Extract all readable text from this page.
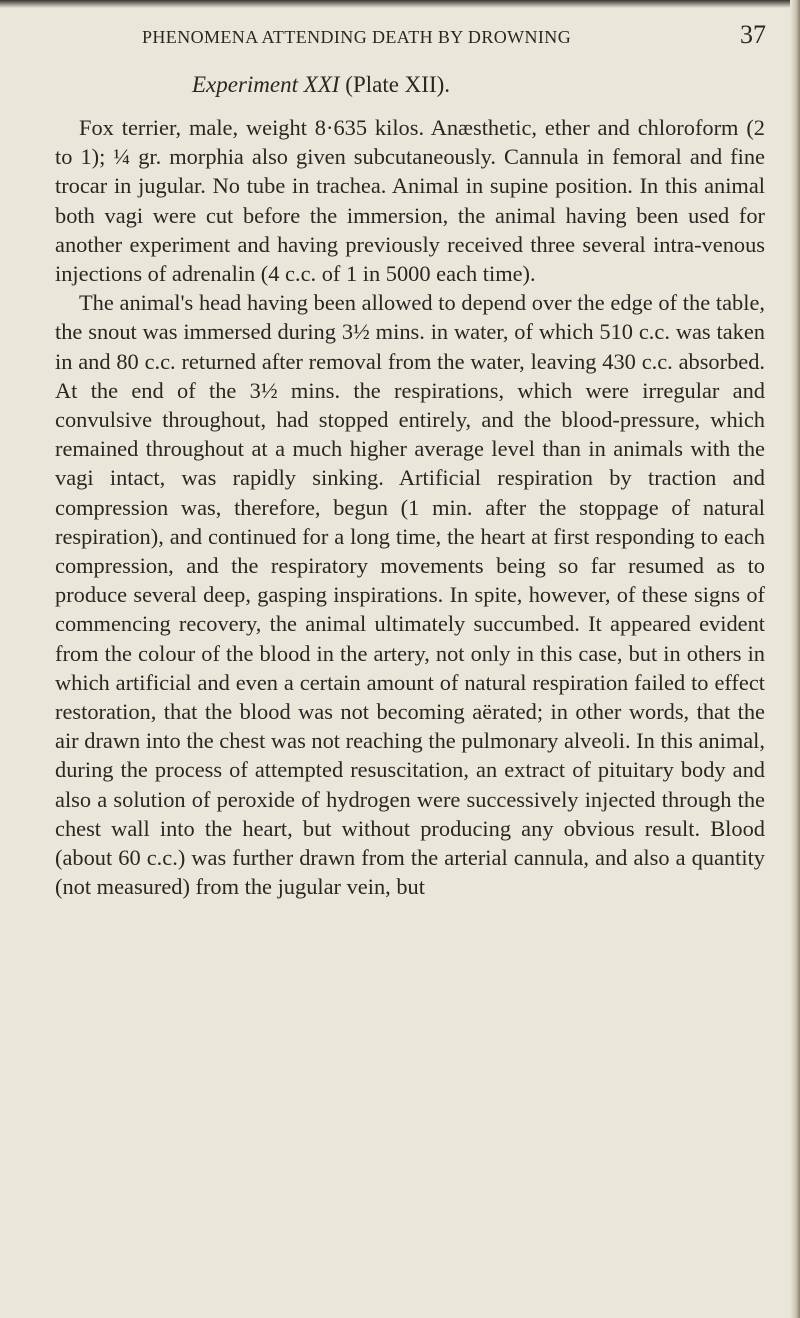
PHENOMENA ATTENDING DEATH BY DROWNING	37
Experiment XXI (Plate XII).

Fox terrier, male, weight 8·635 kilos. Anæsthetic, ether and chloroform (2 to 1); ¼ gr. morphia also given subcutaneously. Cannula in femoral and fine trocar in jugular. No tube in trachea. Animal in supine position. In this animal both vagi were cut before the immersion, the animal having been used for another experiment and having previously received three several intra-venous injections of adrenalin (4 c.c. of 1 in 5000 each time).

The animal's head having been allowed to depend over the edge of the table, the snout was immersed during 3½ mins. in water, of which 510 c.c. was taken in and 80 c.c. returned after removal from the water, leaving 430 c.c. absorbed. At the end of the 3½ mins. the respirations, which were irregular and convulsive throughout, had stopped entirely, and the blood-pressure, which remained throughout at a much higher average level than in animals with the vagi intact, was rapidly sinking. Artificial respiration by traction and compression was, therefore, begun (1 min. after the stoppage of natural respiration), and continued for a long time, the heart at first responding to each compression, and the respiratory movements being so far resumed as to produce several deep, gasping inspirations. In spite, however, of these signs of commencing recovery, the animal ultimately succumbed. It appeared evident from the colour of the blood in the artery, not only in this case, but in others in which artificial and even a certain amount of natural respiration failed to effect restoration, that the blood was not becoming aërated; in other words, that the air drawn into the chest was not reaching the pulmonary alveoli. In this animal, during the process of attempted resuscitation, an extract of pituitary body and also a solution of peroxide of hydrogen were successively injected through the chest wall into the heart, but without producing any obvious result. Blood (about 60 c.c.) was further drawn from the arterial cannula, and also a quantity (not measured) from the jugular vein, but
